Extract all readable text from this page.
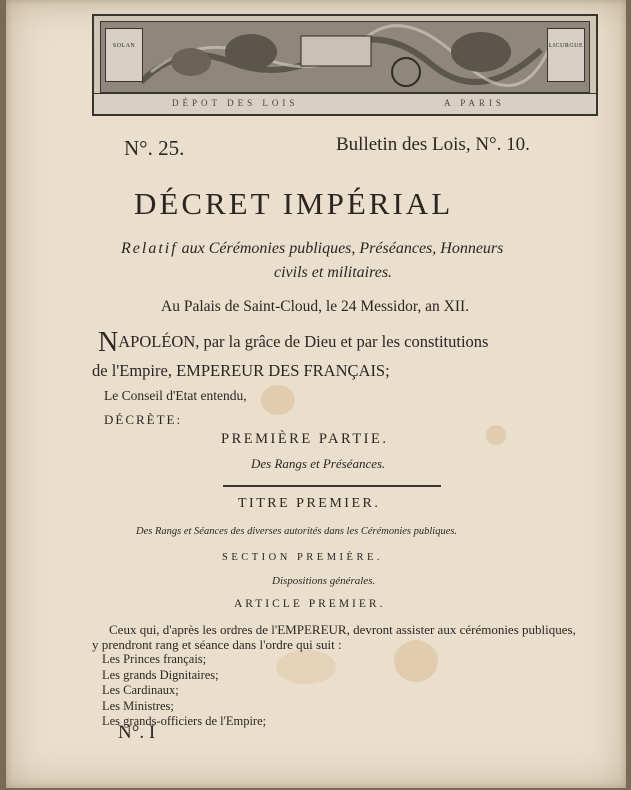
SOLAN	LICURGUE
DÉPOT DES LOIS	A PARIS
N°. 25.	Bulletin des Lois, N°. 10.
DÉCRET IMPÉRIAL
Relatif aux Cérémonies publiques, Préséances, Honneurs
civils et militaires.
Au Palais de Saint-Cloud, le 24 Messidor, an XII.
NAPOLÉON, par la grâce de Dieu et par les constitutions
de l'Empire, EMPEREUR DES FRANÇAIS;
Le Conseil d'Etat entendu,
DÉCRÈTE:
PREMIÈRE PARTIE.
Des Rangs et Préséances.
TITRE PREMIER.
Des Rangs et Séances des diverses autorités dans les Cérémonies publiques.
SECTION PREMIÈRE.
Dispositions générales.
ARTICLE PREMIER.
Ceux qui, d'après les ordres de l'EMPEREUR, devront assister aux cérémonies publiques,
y prendront rang et séance dans l'ordre qui suit :
Les Princes français;
Les grands Dignitaires;
Les Cardinaux;
Les Ministres;
Les grands-officiers de l'Empire;
N°. I
